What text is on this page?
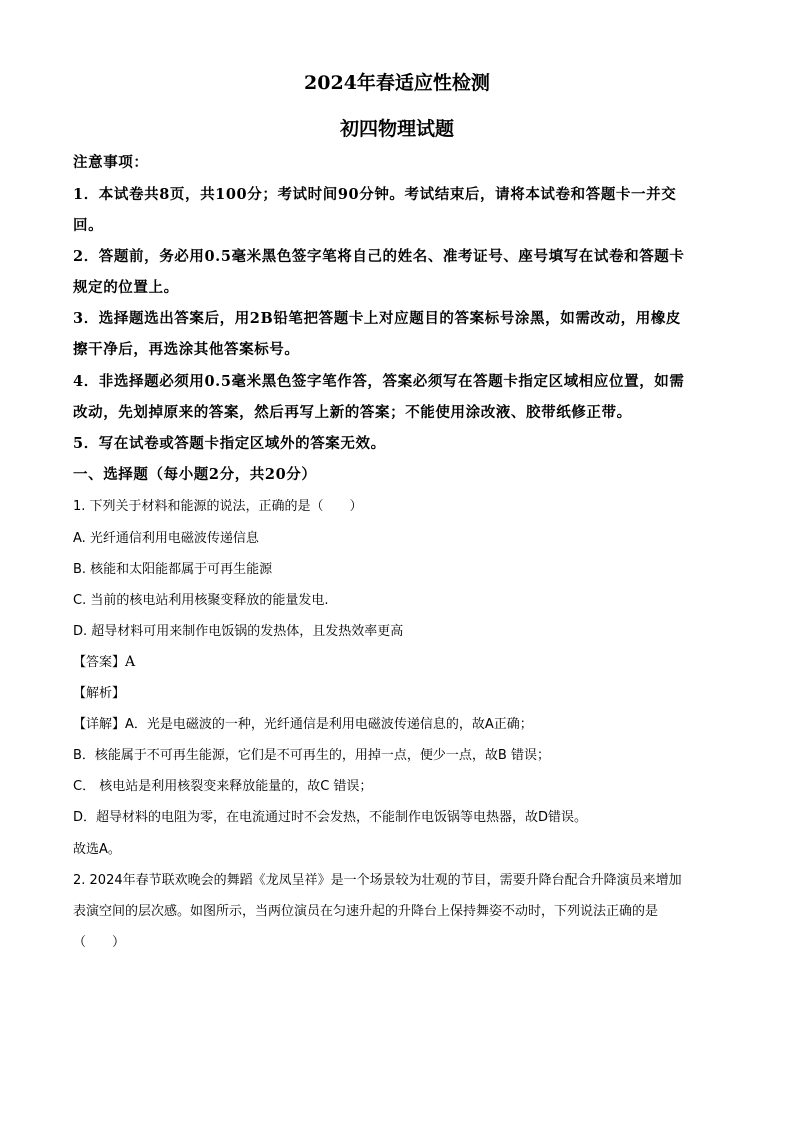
2024年春适应性检测
初四物理试题
注意事项：
1．本试卷共8页，共100分；考试时间90分钟。考试结束后，请将本试卷和答题卡一并交
回。
2．答题前，务必用0.5毫米黑色签字笔将自己的姓名、准考证号、座号填写在试卷和答题卡
规定的位置上。
3．选择题选出答案后，用2B铅笔把答题卡上对应题目的答案标号涂黑，如需改动，用橡皮
擦干净后，再选涂其他答案标号。
4．非选择题必须用0.5毫米黑色签字笔作答，答案必须写在答题卡指定区域相应位置，如需
改动，先划掉原来的答案，然后再写上新的答案；不能使用涂改液、胶带纸修正带。
5．写在试卷或答题卡指定区域外的答案无效。
一、选择题（每小题2分，共20分）
1. 下列关于材料和能源的说法，正确的是（　　）
A. 光纤通信利用电磁波传递信息
B. 核能和太阳能都属于可再生能源
C. 当前的核电站利用核聚变释放的能量发电.
D. 超导材料可用来制作电饭锅的发热体，且发热效率更高
【答案】A
【解析】
【详解】A．光是电磁波的一种，光纤通信是利用电磁波传递信息的，故A正确；
B．核能属于不可再生能源，它们是不可再生的，用掉一点，便少一点，故B 错误；
C． 核电站是利用核裂变来释放能量的，故C 错误；
D．超导材料的电阻为零，在电流通过时不会发热，不能制作电饭锅等电热器，故D错误。
故选A。
2. 2024年春节联欢晚会的舞蹈《龙凤呈祥》是一个场景较为壮观的节目，需要升降台配合升降演员来增加
表演空间的层次感。如图所示，当两位演员在匀速升起的升降台上保持舞姿不动时，下列说法正确的是
（　　）
